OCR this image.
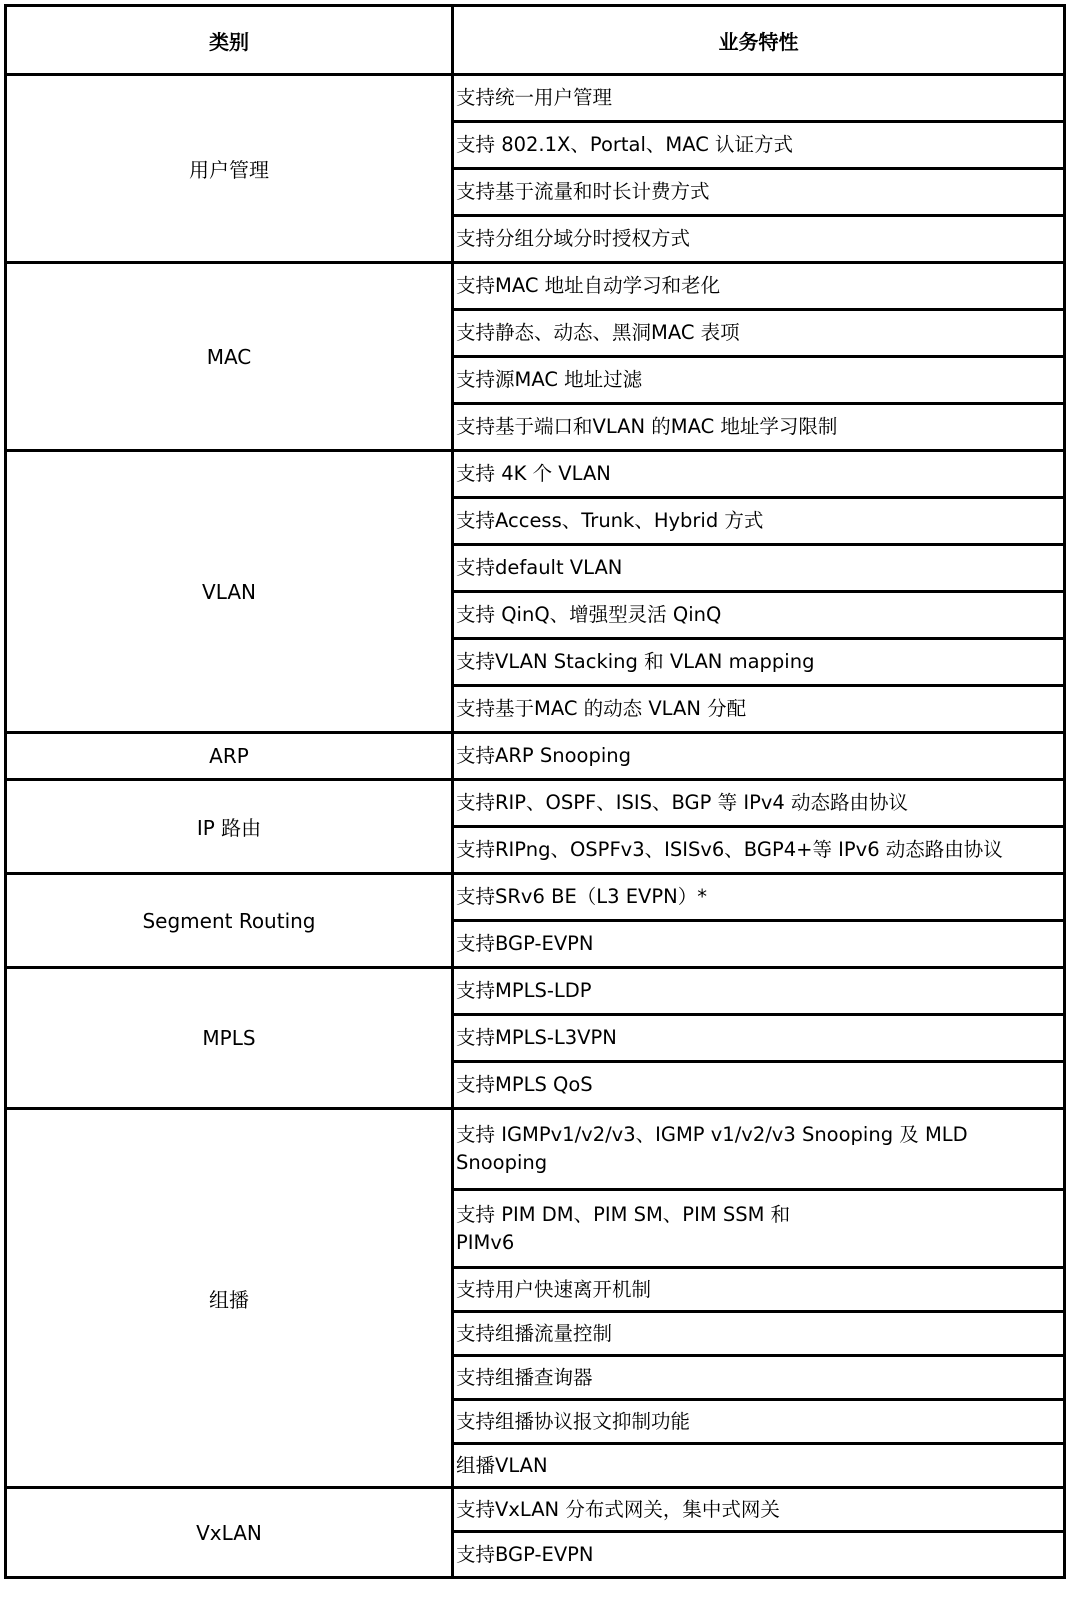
类别	业务特性
用户管理	支持统一用户管理
	支持 802.1X、Portal、MAC 认证方式
	支持基于流量和时长计费方式
	支持分组分域分时授权方式
MAC	支持MAC 地址自动学习和老化
	支持静态、动态、黑洞MAC 表项
	支持源MAC 地址过滤
	支持基于端口和VLAN 的MAC 地址学习限制
VLAN	支持 4K 个 VLAN
	支持Access、Trunk、Hybrid 方式
	支持default VLAN
	支持 QinQ、增强型灵活 QinQ
	支持VLAN Stacking 和 VLAN mapping
	支持基于MAC 的动态 VLAN 分配
ARP	支持ARP Snooping
IP 路由	支持RIP、OSPF、ISIS、BGP 等 IPv4 动态路由协议
	支持RIPng、OSPFv3、ISISv6、BGP4+等 IPv6 动态路由协议
Segment Routing	支持SRv6 BE（L3 EVPN）*
	支持BGP-EVPN
MPLS	支持MPLS-LDP
	支持MPLS-L3VPN
	支持MPLS QoS
组播	支持 IGMPv1/v2/v3、IGMP v1/v2/v3 Snooping 及 MLD Snooping
	支持 PIM DM、PIM SM、PIM SSM 和 PIMv6
	支持用户快速离开机制
	支持组播流量控制
	支持组播查询器
	支持组播协议报文抑制功能
	组播VLAN
VxLAN	支持VxLAN 分布式网关，集中式网关
	支持BGP-EVPN
